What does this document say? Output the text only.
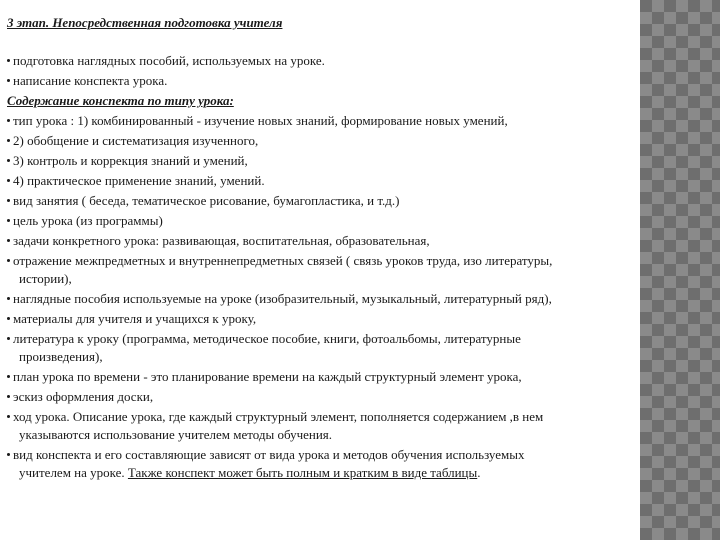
3 этап. Непосредственная подготовка учителя
подготовка наглядных пособий, используемых на уроке.
написание конспекта урока.
Содержание конспекта по типу урока:
тип урока : 1) комбинированный - изучение новых знаний, формирование новых умений,
2) обобщение и систематизация изученного,
3) контроль и коррекция знаний и умений,
4) практическое применение знаний, умений.
вид занятия ( беседа, тематическое рисование, бумагопластика, и т.д.)
цель урока (из программы)
задачи конкретного урока: развивающая, воспитательная, образовательная,
отражение межпредметных и внутреннепредметных связей ( связь уроков труда, изо литературы,
истории),
наглядные пособия используемые на уроке (изобразительный, музыкальный, литературный ряд),
материалы для учителя и учащихся к уроку,
литература к уроку (программа, методическое пособие, книги, фотоальбомы, литературные
произведения),
план урока по времени - это планирование времени на каждый структурный элемент урока,
эскиз оформления доски,
ход урока. Описание урока, где каждый структурный элемент, пополняется содержанием ,в нем
указываются использование учителем методы обучения.
вид конспекта и его составляющие зависят от вида урока и методов обучения используемых
учителем на уроке. Также конспект может быть полным и кратким в виде таблицы.
